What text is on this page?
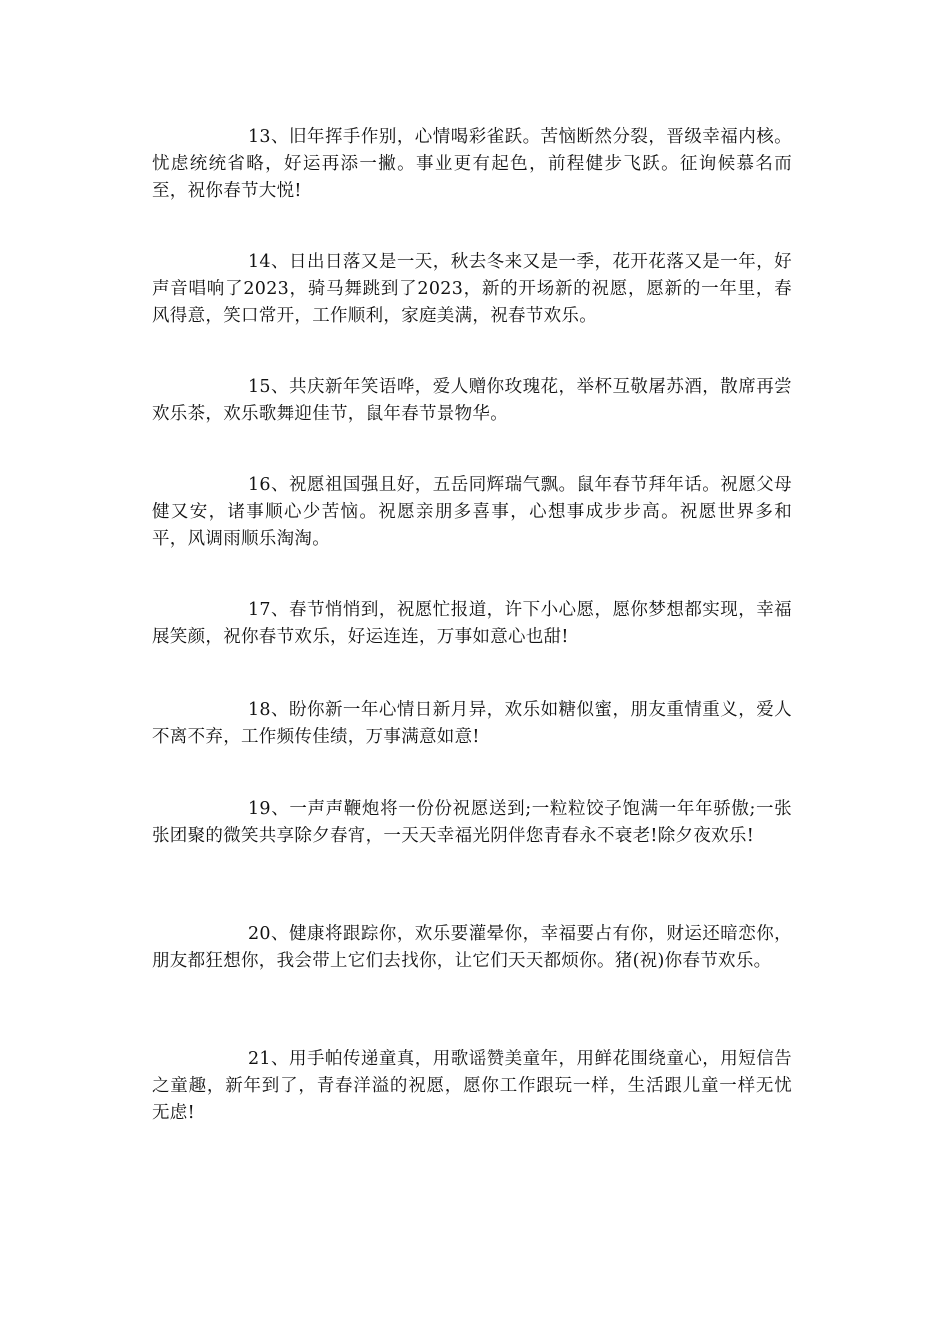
13、旧年挥手作别，心情喝彩雀跃。苦恼断然分裂，晋级幸福内核。忧虑统统省略，好运再添一撇。事业更有起色，前程健步飞跃。征询候慕名而至，祝你春节大悦!

14、日出日落又是一天，秋去冬来又是一季，花开花落又是一年，好声音唱响了2023，骑马舞跳到了2023，新的开场新的祝愿，愿新的一年里，春风得意，笑口常开，工作顺利，家庭美满，祝春节欢乐。

15、共庆新年笑语哗，爱人赠你玫瑰花，举杯互敬屠苏酒，散席再尝欢乐茶，欢乐歌舞迎佳节，鼠年春节景物华。

16、祝愿祖国强且好，五岳同辉瑞气飘。鼠年春节拜年话。祝愿父母健又安，诸事顺心少苦恼。祝愿亲朋多喜事，心想事成步步高。祝愿世界多和平，风调雨顺乐淘淘。

17、春节悄悄到，祝愿忙报道，许下小心愿，愿你梦想都实现，幸福展笑颜，祝你春节欢乐，好运连连，万事如意心也甜!

18、盼你新一年心情日新月异，欢乐如糖似蜜，朋友重情重义，爱人不离不弃，工作频传佳绩，万事满意如意!

19、一声声鞭炮将一份份祝愿送到;一粒粒饺子饱满一年年骄傲;一张张团聚的微笑共享除夕春宵，一天天幸福光阴伴您青春永不衰老!除夕夜欢乐!

20、健康将跟踪你，欢乐要灌晕你，幸福要占有你，财运还暗恋你，朋友都狂想你，我会带上它们去找你，让它们天天都烦你。猪(祝)你春节欢乐。

21、用手帕传递童真，用歌谣赞美童年，用鲜花围绕童心，用短信告之童趣，新年到了，青春洋溢的祝愿，愿你工作跟玩一样，生活跟儿童一样无忧无虑!
